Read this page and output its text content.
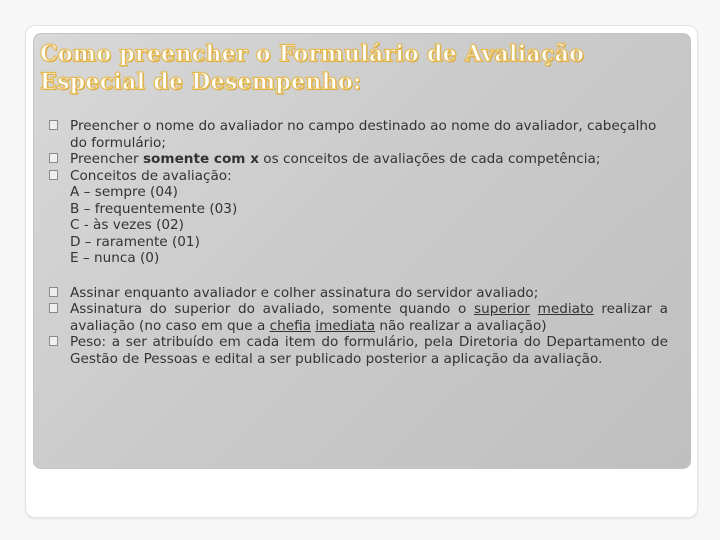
Como preencher o Formulário de Avaliação Especial de Desempenho:
Preencher o nome do avaliador no campo destinado ao nome do avaliador, cabeçalho do formulário;
Preencher somente com x os conceitos de avaliações de cada competência;
Conceitos de avaliação:
A – sempre (04)
B – frequentemente (03)
C - às vezes (02)
D – raramente (01)
E – nunca (0)
Assinar enquanto avaliador e colher assinatura do servidor avaliado;
Assinatura do superior do avaliado, somente quando o superior mediato realizar a avaliação (no caso em que a chefia imediata não realizar a avaliação)
Peso: a ser atribuído em cada item do formulário, pela Diretoria do Departamento de Gestão de Pessoas e edital a ser publicado posterior a aplicação da avaliação.
